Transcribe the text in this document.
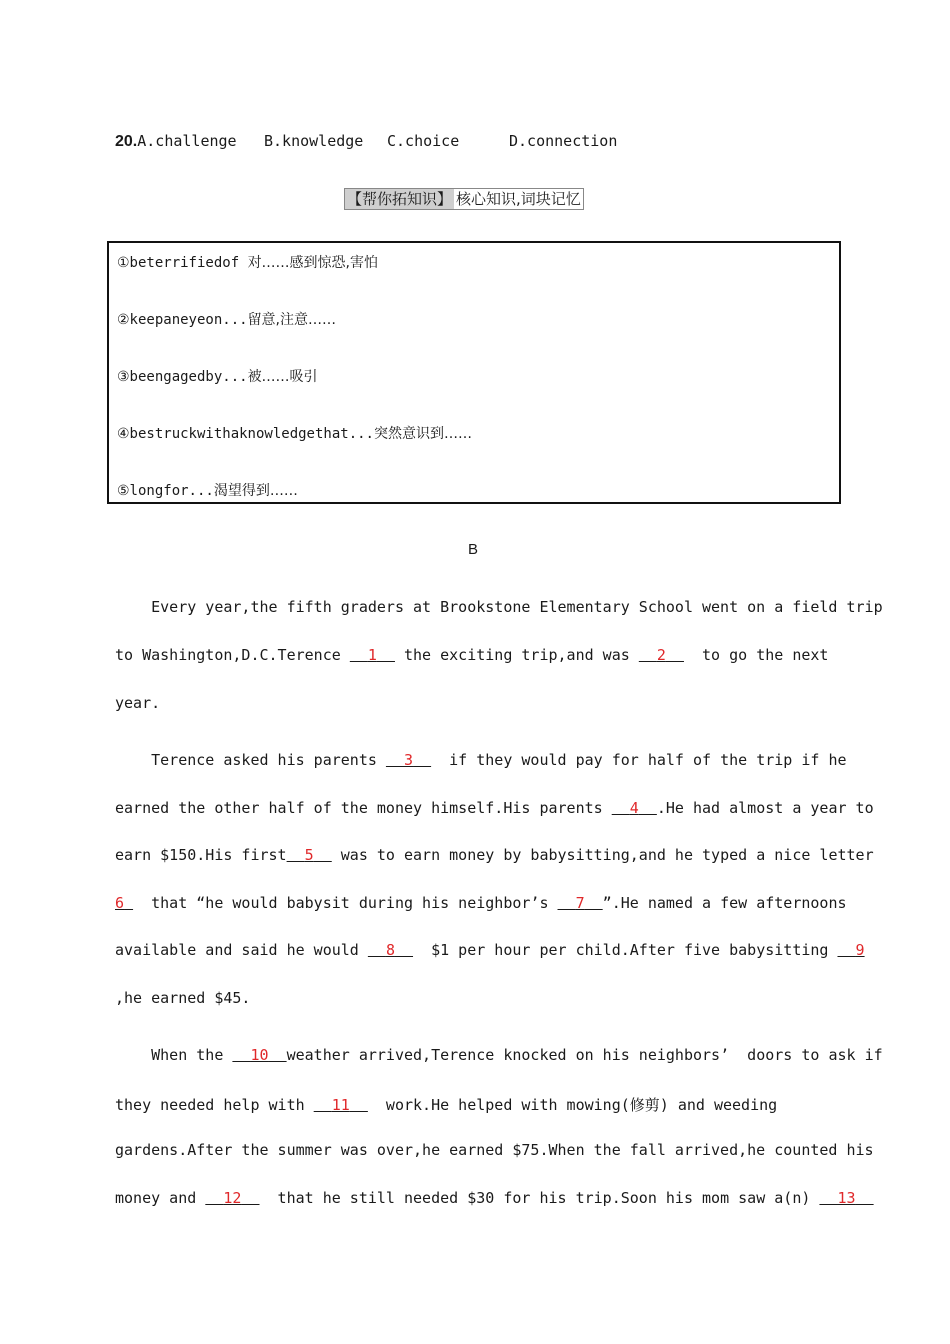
20.A.challenge B.knowledge C.choice	D.connection
【帮你拓知识】 核心知识,词块记忆
①beterrifiedof 对……感到惊恐,害怕
②keepaneyeon...留意,注意……
③beengagedby...被……吸引
④bestruckwithaknowledgethat...突然意识到……
⑤longfor...渴望得到……
B
Every year,the fifth graders at Brookstone Elementary School went on a field trip
to Washington,D.C.Terence   1   the exciting trip,and was   2    to go the next
year.
Terence asked his parents   3    if they would pay for half of the trip if he
earned the other half of the money himself.His parents   4 .He had almost a year to
earn $150.His first 5   was to earn money by babysitting,and he typed a nice letter
6   that “he would babysit during his neighbor’s   7 ”.He named a few afternoons
available and said he would   8    $1 per hour per child.After five babysitting   9
,he earned $45.
When the   10 weather arrived,Terence knocked on his neighbors’  doors to ask if
they needed help with   11    work.He helped with mowing(修剪) and weeding
gardens.After the summer was over,he earned $75.When the fall arrived,he counted his
money and   12    that he still needed $30 for his trip.Soon his mom saw a(n)   13
